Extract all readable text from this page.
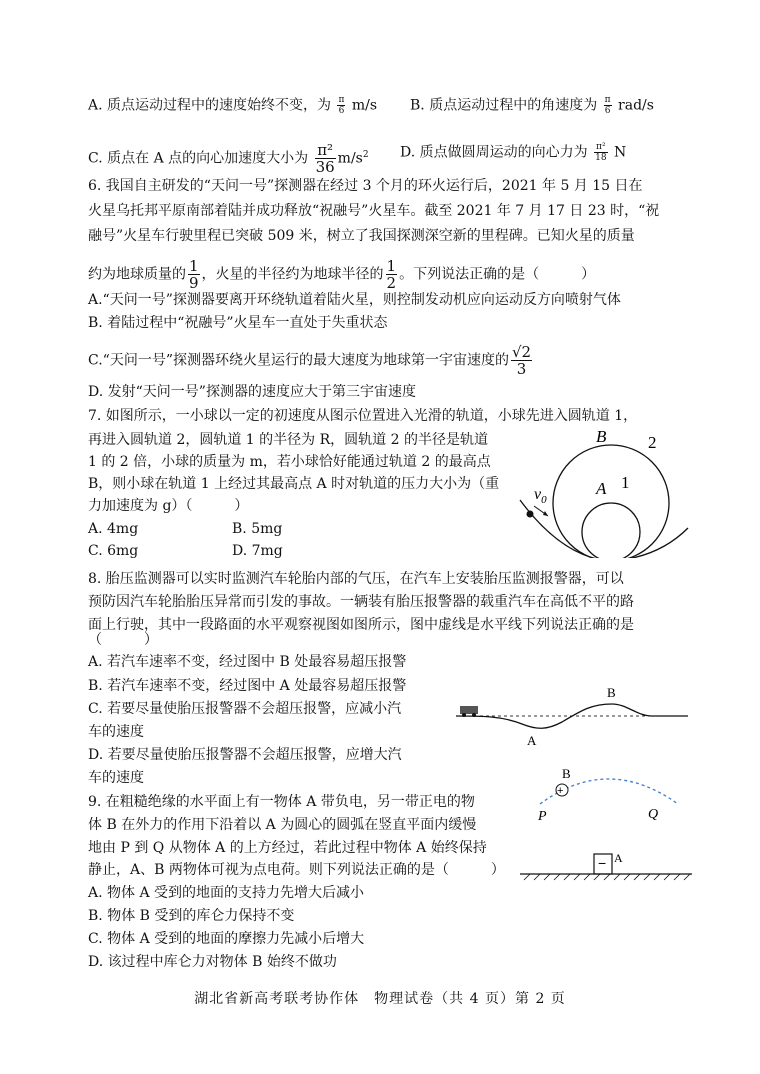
A. 质点运动过程中的速度始终不变，为 $\frac{\pi}{6} m/s$ B. 质点运动过程中的角速度为 $\frac{\pi}{6} rad/s$
C. 质点在 A 点的向心加速度大小为 $\frac{\text{π²}}{36} m/s^2$ D. 质点做圆周运动的向心力为 $\frac{\text{π²}}{18}$ N
6. 我国自主研发的“天问一号”探测器在经过 3 个月的环火运行后，2021 年 5 月 15 日在
火星乌托邦平原南部着陆并成功释放“祝融号”火星车。截至 2021 年 7 月 17 日 23 时，“祝
融号”火星车行驶里程已突破 509 米，树立了我国探测深空新的里程碑。已知火星的质量
约为地球质量的 $\frac{1}{9}$ ，火星的半径约为地球半径的 $\frac{1}{2}$ 。下列说法正确的是（　　　）
A.“天问一号”探测器要离开环绕轨道着陆火星，则控制发动机应向运动反方向喷射气体
B. 着陆过程中“祝融号”火星车一直处于失重状态
C.“天问一号”探测器环绕火星运行的最大速度为地球第一宇宙速度的 $\frac{√2}{3}$
D. 发射“天问一号”探测器的速度应大于第三宇宙速度
7. 如图所示，一小球以一定的初速度从图示位置进入光滑的轨道，小球先进入圆轨道 1，
再进入圆轨道 2，圆轨道 1 的半径为 R，圆轨道 2 的半径是轨道
1 的 2 倍，小球的质量为 m，若小球恰好能通过轨道 2 的最高点
B，则小球在轨道 1 上经过其最高点 A 时对轨道的压力大小为（重
力加速度为 g）（　　　）
A. 4mg	B. 5mg
C. 6mg	D. 7mg
B
A 1
2
$v_0$
8. 胎压监测器可以实时监测汽车轮胎内部的气压，在汽车上安装胎压监测报警器，可以
预防因汽车轮胎胎压异常而引发的事故。一辆装有胎压报警器的载重汽车在高低不平的路
面上行驶，其中一段路面的水平观察视图如图所示，图中虚线是水平线下列说法正确的是
（　　　）
A. 若汽车速率不变，经过图中 B 处最容易超压报警
B. 若汽车速率不变，经过图中 A 处最容易超压报警
C. 若要尽量使胎压报警器不会超压报警，应减小汽
车的速度
D. 若要尽量使胎压报警器不会超压报警，应增大汽
车的速度
A
B
9. 在粗糙绝缘的水平面上有一物体 A 带负电，另一带正电的物
体 B 在外力的作用下沿着以 A 为圆心的圆弧在竖直平面内缓慢
地由 P 到 Q 从物体 A 的上方经过，若此过程中物体 A 始终保持
静止，A、B 两物体可视为点电荷。则下列说法正确的是（　　　）
A. 物体 A 受到的地面的支持力先增大后减小
B. 物体 B 受到的库仑力保持不变
C. 物体 A 受到的地面的摩擦力先减小后增大
D. 该过程中库仑力对物体 B 始终不做功
+
B
P	Q
− A
湖北省新高考联考协作体　物理试卷（共 4 页）第 2 页
